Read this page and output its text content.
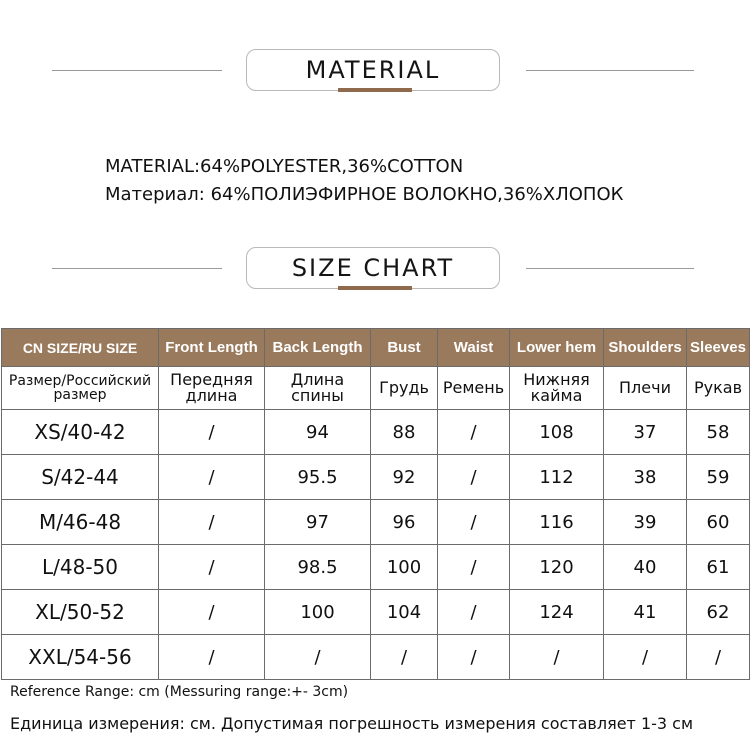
MATERIAL
MATERIAL:64%POLYESTER,36%COTTON
Материал: 64%ПОЛИЭФИРНОЕ ВОЛОКНО,36%ХЛОПОК
SIZE CHART
CN SIZE/RU SIZE	Front Length	Back Length	Bust	Waist	Lower hem	Shoulders	Sleeves
Размер/Российский размер	Передняя длина	Длина спины	Грудь	Ремень	Нижняя кайма	Плечи	Рукав
XS/40-42	/	94	88	/	108	37	58
S/42-44	/	95.5	92	/	112	38	59
M/46-48	/	97	96	/	116	39	60
L/48-50	/	98.5	100	/	120	40	61
XL/50-52	/	100	104	/	124	41	62
XXL/54-56	/	/	/	/	/	/	/
Reference Range: cm (Messuring range:+- 3cm)
Единица измерения: см. Допустимая погрешность измерения составляет 1-3 см
